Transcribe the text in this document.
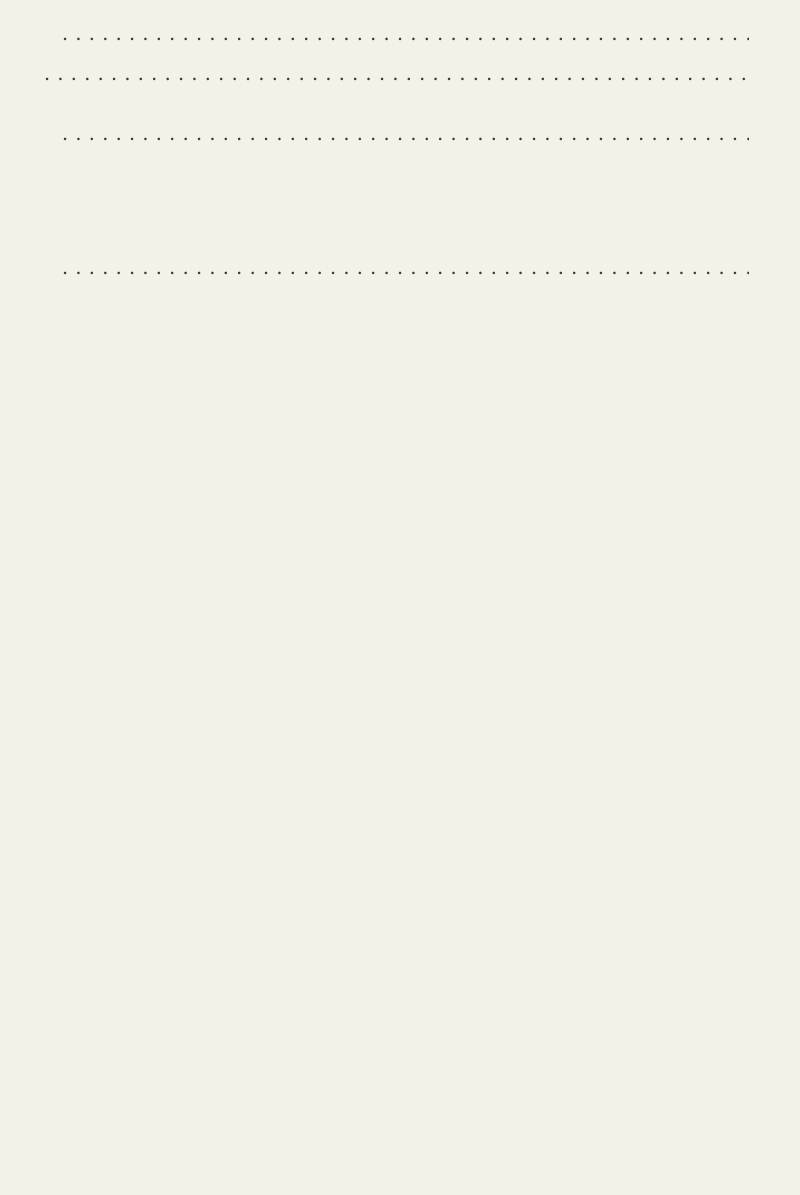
. . .
. . .
. . .
. . .
